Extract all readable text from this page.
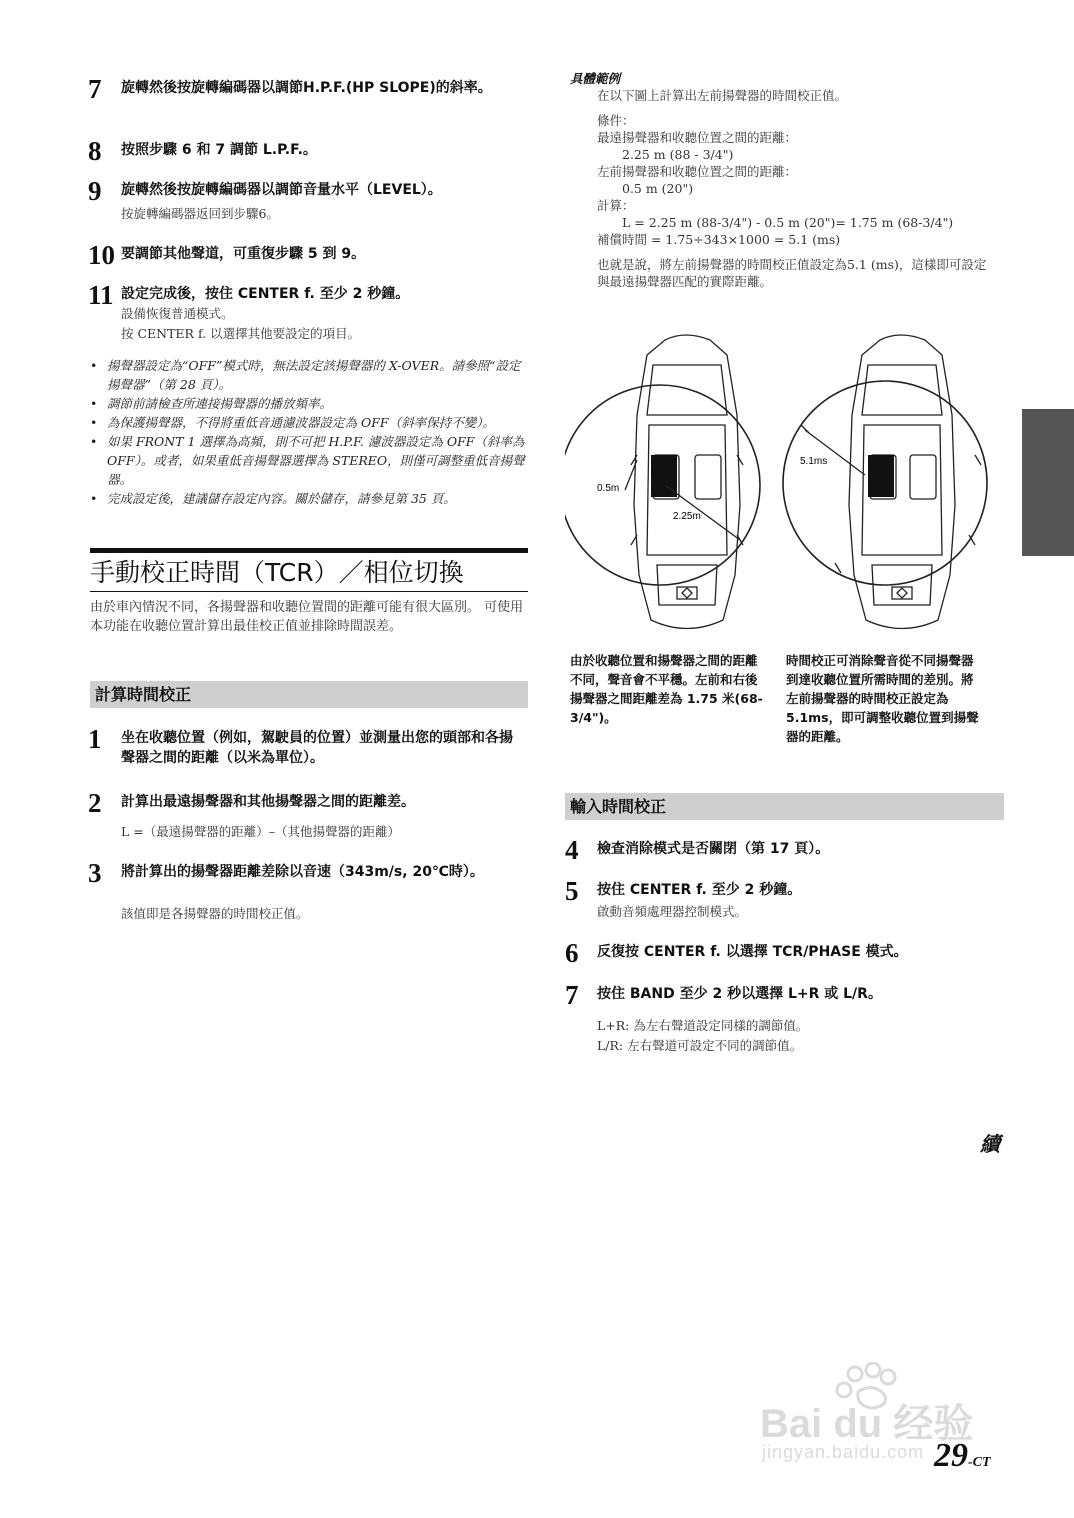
7 旋轉然後按旋轉編碼器以調節H.P.F.(HP SLOPE)的斜率。
8 按照步驟 6 和 7 調節 L.P.F.。
9 旋轉然後按旋轉編碼器以調節音量水平（LEVEL）。
按旋轉編碼器返回到步驟6。
10 要調節其他聲道，可重復步驟 5 到 9。
11 設定完成後，按住 CENTER f. 至少 2 秒鐘。
設備恢復普通模式。
按 CENTER f. 以選擇其他要設定的項目。
• 揚聲器設定為“OFF”模式時，無法設定該揚聲器的 X-OVER。請參照“設定揚聲器”（第 28 頁）。
• 調節前請檢查所連接揚聲器的播放頻率。
• 為保護揚聲器，不得將重低音通濾波器設定為 OFF（斜率保持不變）。
• 如果 FRONT 1 選擇為高頻，則不可把 H.P.F. 濾波器設定為 OFF（斜率為 OFF）。或者，如果重低音揚聲器選擇為 STEREO，則僅可調整重低音揚聲器。
• 完成設定後，建議儲存設定內容。關於儲存，請參見第 35 頁。
手動校正時間（TCR）／相位切換
由於車內情況不同，各揚聲器和收聽位置間的距離可能有很大區別。 可使用本功能在收聽位置計算出最佳校正值並排除時間誤差。
計算時間校正
1 坐在收聽位置（例如，駕駛員的位置）並測量出您的頭部和各揚聲器之間的距離（以米為單位）。
2 計算出最遠揚聲器和其他揚聲器之間的距離差。
L =（最遠揚聲器的距離）–（其他揚聲器的距離）
3 將計算出的揚聲器距離差除以音速（343m/s, 20℃時）。
該值即是各揚聲器的時間校正值。
具體範例
在以下圖上計算出左前揚聲器的時間校正值。
條件：
最遠揚聲器和收聽位置之間的距離：
2.25 m (88 - 3/4")
左前揚聲器和收聽位置之間的距離：
0.5 m (20")
計算：
L = 2.25 m (88-3/4") - 0.5 m (20")= 1.75 m (68-3/4")
補償時間 = 1.75÷343×1000 = 5.1 (ms)
也就是說，將左前揚聲器的時間校正值設定為5.1 (ms)，這樣即可設定與最遠揚聲器匹配的實際距離。
0.5m
2.25m
5.1ms
由於收聽位置和揚聲器之間的距離不同，聲音會不平穩。左前和右後揚聲器之間距離差為 1.75 米(68-3/4")。
時間校正可消除聲音從不同揚聲器到達收聽位置所需時間的差別。將左前揚聲器的時間校正設定為 5.1ms，即可調整收聽位置到揚聲器的距離。
輸入時間校正
4 檢查消除模式是否關閉（第 17 頁）。
5 按住 CENTER f. 至少 2 秒鐘。
啟動音頻處理器控制模式。
6 反復按 CENTER f. 以選擇 TCR/PHASE 模式。
7 按住 BAND 至少 2 秒以選擇 L+R 或 L/R。
L+R: 為左右聲道設定同樣的調節值。
L/R: 左右聲道可設定不同的調節值。
續
Bai du 经验
jingyan.baidu.com 29-CT
